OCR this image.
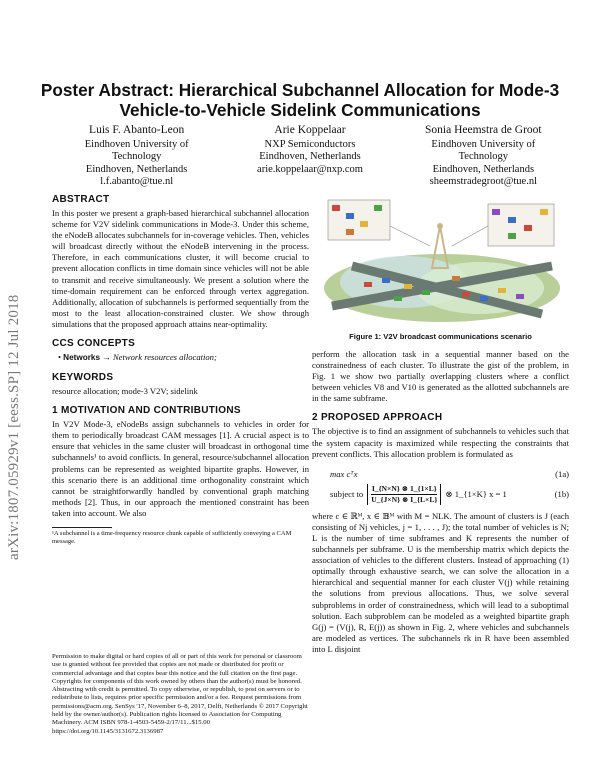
arXiv:1807.05929v1 [eess.SP] 12 Jul 2018
Poster Abstract: Hierarchical Subchannel Allocation for Mode-3 Vehicle-to-Vehicle Sidelink Communications
Luis F. Abanto-Leon
Eindhoven University of
Technology
Eindhoven, Netherlands
l.f.abanto@tue.nl
Arie Koppelaar
NXP Semiconductors
Eindhoven, Netherlands
arie.koppelaar@nxp.com
Sonia Heemstra de Groot
Eindhoven University of
Technology
Eindhoven, Netherlands
sheemstradegroot@tue.nl
ABSTRACT
In this poster we present a graph-based hierarchical subchannel allocation scheme for V2V sidelink communications in Mode-3. Under this scheme, the eNodeB allocates subchannels for in-coverage vehicles. Then, vehicles will broadcast directly without the eNodeB intervening in the process. Therefore, in each communications cluster, it will become crucial to prevent allocation conflicts in time domain since vehicles will not be able to transmit and receive simultaneously. We present a solution where the time-domain requirement can be enforced through vertex aggregation. Additionally, allocation of subchannels is performed sequentially from the most to the least allocation-constrained cluster. We show through simulations that the proposed approach attains near-optimality.
CCS CONCEPTS
• Networks → Network resources allocation;
KEYWORDS
resource allocation; mode-3 V2V; sidelink
1 MOTIVATION AND CONTRIBUTIONS
In V2V Mode-3, eNodeBs assign subchannels to vehicles in order for them to periodically broadcast CAM messages [1]. A crucial aspect is to ensure that vehicles in the same cluster will broadcast in orthogonal time subchannels¹ to avoid conflicts. In general, resource/subchannel allocation problems can be represented as weighted bipartite graphs. However, in this scenario there is an additional time orthogonality constraint which cannot be straightforwardly handled by conventional graph matching methods [2]. Thus, in our approach the mentioned constraint has been taken into account. We also
¹A subchannel is a time-frequency resource chunk capable of sufficiently conveying a CAM message.
Permission to make digital or hard copies of all or part of this work for personal or classroom use is granted without fee provided that copies are not made or distributed for profit or commercial advantage and that copies bear this notice and the full citation on the first page. Copyrights for components of this work owned by others than the author(s) must be honored. Abstracting with credit is permitted. To copy otherwise, or republish, to post on servers or to redistribute to lists, requires prior specific permission and/or a fee. Request permissions from permissions@acm.org. SenSys '17, November 6–8, 2017, Delft, Netherlands © 2017 Copyright held by the owner/author(s). Publication rights licensed to Association for Computing Machinery. ACM ISBN 978-1-4503-5459-2/17/11...$15.00 https://doi.org/10.1145/3131672.3136987
Figure 1: V2V broadcast communications scenario
perform the allocation task in a sequential manner based on the constrainedness of each cluster. To illustrate the gist of the problem, in Fig. 1 we show two partially overlapping clusters where a conflict between vehicles V8 and V10 is generated as the allotted subchannels are in the same subframe.
2 PROPOSED APPROACH
The objective is to find an assignment of subchannels to vehicles such that the system capacity is maximized while respecting the constraints that prevent conflicts. This allocation problem is formulated as
max cᵀx	(1a)
subject to
I_{N×N} ⊗ 1_{1×L}
U_{J×N} ⊗ I_{L×L}
⊗ 1_{1×K} x = 1	(1b)
where c ∈ ℝᴹ, x ∈ 𝔹ᴹ with M = NLK. The amount of clusters is J (each consisting of Nj vehicles, j = 1, . . . , J); the total number of vehicles is N; L is the number of time subframes and K represents the number of subchannels per subframe. U is the membership matrix which depicts the association of vehicles to the different clusters. Instead of approaching (1) optimally through exhaustive search, we can solve the allocation in a hierarchical and sequential manner for each cluster V(j) while retaining the solutions from previous allocations. Thus, we solve several subproblems in order of constrainedness, which will lead to a suboptimal solution. Each subproblem can be modeled as a weighted bipartite graph G(j) = (V(j), R, E(j)) as shown in Fig. 2, where vehicles and subchannels are modeled as vertices. The subchannels rk in R have been assembled into L disjoint
